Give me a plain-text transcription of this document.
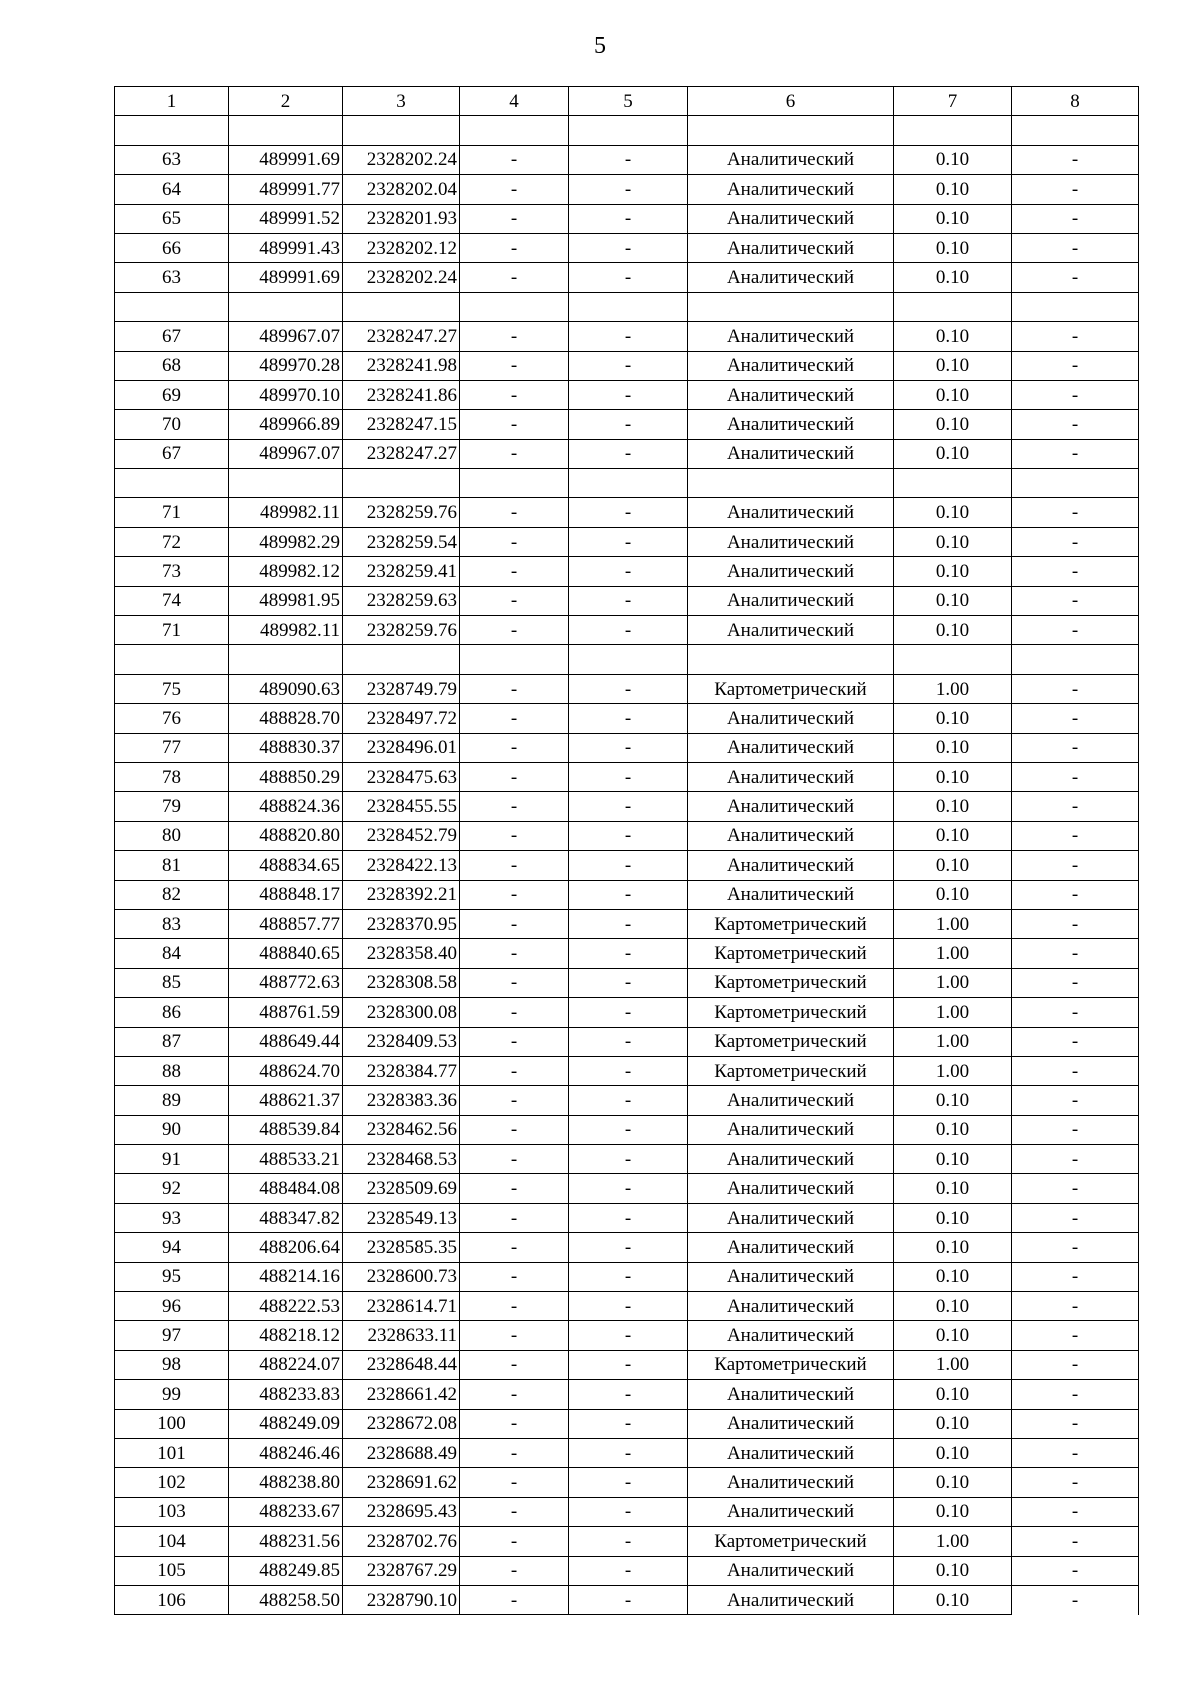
5
1	2	3	4	5	6	7	8

63	489991.69	2328202.24	-	-	Аналитический	0.10	-
64	489991.77	2328202.04	-	-	Аналитический	0.10	-
65	489991.52	2328201.93	-	-	Аналитический	0.10	-
66	489991.43	2328202.12	-	-	Аналитический	0.10	-
63	489991.69	2328202.24	-	-	Аналитический	0.10	-

67	489967.07	2328247.27	-	-	Аналитический	0.10	-
68	489970.28	2328241.98	-	-	Аналитический	0.10	-
69	489970.10	2328241.86	-	-	Аналитический	0.10	-
70	489966.89	2328247.15	-	-	Аналитический	0.10	-
67	489967.07	2328247.27	-	-	Аналитический	0.10	-

71	489982.11	2328259.76	-	-	Аналитический	0.10	-
72	489982.29	2328259.54	-	-	Аналитический	0.10	-
73	489982.12	2328259.41	-	-	Аналитический	0.10	-
74	489981.95	2328259.63	-	-	Аналитический	0.10	-
71	489982.11	2328259.76	-	-	Аналитический	0.10	-

75	489090.63	2328749.79	-	-	Картометрический	1.00	-
76	488828.70	2328497.72	-	-	Аналитический	0.10	-
77	488830.37	2328496.01	-	-	Аналитический	0.10	-
78	488850.29	2328475.63	-	-	Аналитический	0.10	-
79	488824.36	2328455.55	-	-	Аналитический	0.10	-
80	488820.80	2328452.79	-	-	Аналитический	0.10	-
81	488834.65	2328422.13	-	-	Аналитический	0.10	-
82	488848.17	2328392.21	-	-	Аналитический	0.10	-
83	488857.77	2328370.95	-	-	Картометрический	1.00	-
84	488840.65	2328358.40	-	-	Картометрический	1.00	-
85	488772.63	2328308.58	-	-	Картометрический	1.00	-
86	488761.59	2328300.08	-	-	Картометрический	1.00	-
87	488649.44	2328409.53	-	-	Картометрический	1.00	-
88	488624.70	2328384.77	-	-	Картометрический	1.00	-
89	488621.37	2328383.36	-	-	Аналитический	0.10	-
90	488539.84	2328462.56	-	-	Аналитический	0.10	-
91	488533.21	2328468.53	-	-	Аналитический	0.10	-
92	488484.08	2328509.69	-	-	Аналитический	0.10	-
93	488347.82	2328549.13	-	-	Аналитический	0.10	-
94	488206.64	2328585.35	-	-	Аналитический	0.10	-
95	488214.16	2328600.73	-	-	Аналитический	0.10	-
96	488222.53	2328614.71	-	-	Аналитический	0.10	-
97	488218.12	2328633.11	-	-	Аналитический	0.10	-
98	488224.07	2328648.44	-	-	Картометрический	1.00	-
99	488233.83	2328661.42	-	-	Аналитический	0.10	-
100	488249.09	2328672.08	-	-	Аналитический	0.10	-
101	488246.46	2328688.49	-	-	Аналитический	0.10	-
102	488238.80	2328691.62	-	-	Аналитический	0.10	-
103	488233.67	2328695.43	-	-	Аналитический	0.10	-
104	488231.56	2328702.76	-	-	Картометрический	1.00	-
105	488249.85	2328767.29	-	-	Аналитический	0.10	-
106	488258.50	2328790.10	-	-	Аналитический	0.10	-
